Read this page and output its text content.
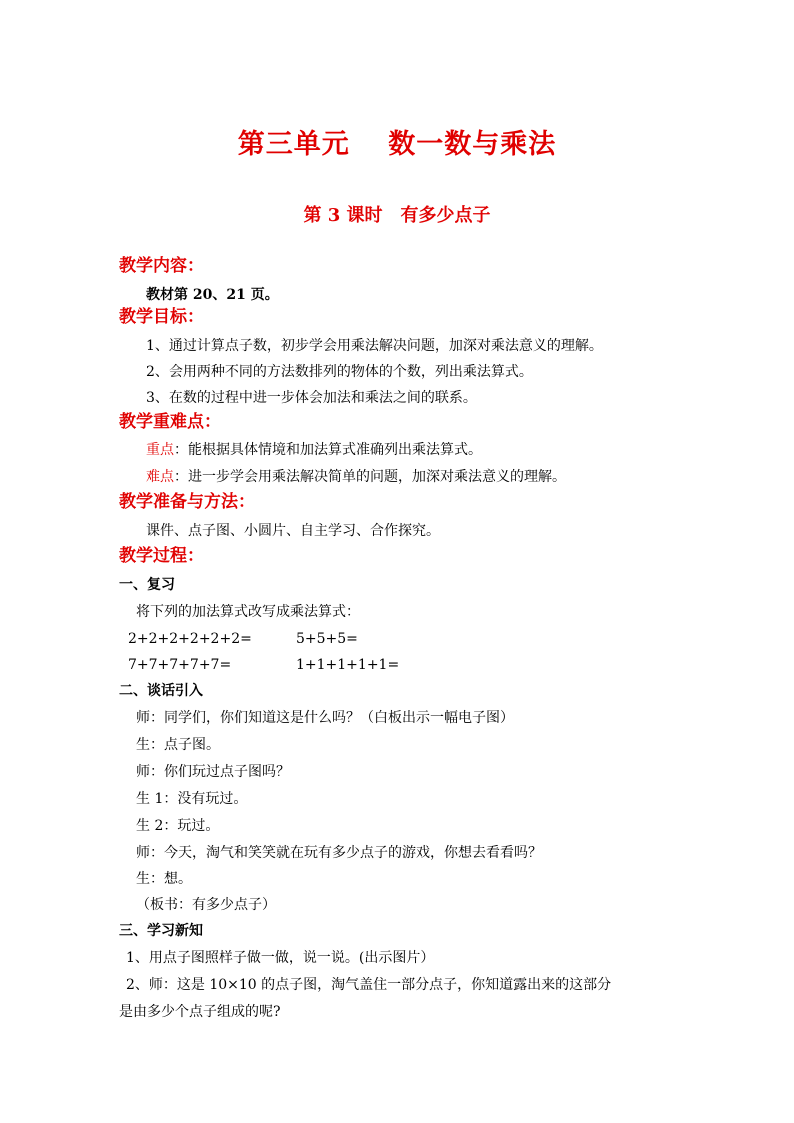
第三单元　 数一数与乘法
第 3 课时　有多少点子
教学内容：
教材第 20、21 页。
教学目标：
1、通过计算点子数，初步学会用乘法解决问题，加深对乘法意义的理解。
2、会用两种不同的方法数排列的物体的个数，列出乘法算式。
3、在数的过程中进一步体会加法和乘法之间的联系。
教学重难点：
重点：能根据具体情境和加法算式准确列出乘法算式。
难点：进一步学会用乘法解决简单的问题，加深对乘法意义的理解。
教学准备与方法：
课件、点子图、小圆片、自主学习、合作探究。
教学过程：
一、复习
将下列的加法算式改写成乘法算式：
2+2+2+2+2+2=	5+5+5=
7+7+7+7+7=	1+1+1+1+1=
二、谈话引入
师：同学们，你们知道这是什么吗？（白板出示一幅电子图）
生：点子图。
师：你们玩过点子图吗？
生 1：没有玩过。
生 2：玩过。
师：今天，淘气和笑笑就在玩有多少点子的游戏，你想去看看吗？
生：想。
（板书：有多少点子）
三、学习新知
1、用点子图照样子做一做，说一说。(出示图片）
2、师：这是 10×10 的点子图，淘气盖住一部分点子，你知道露出来的这部分
是由多少个点子组成的呢?
